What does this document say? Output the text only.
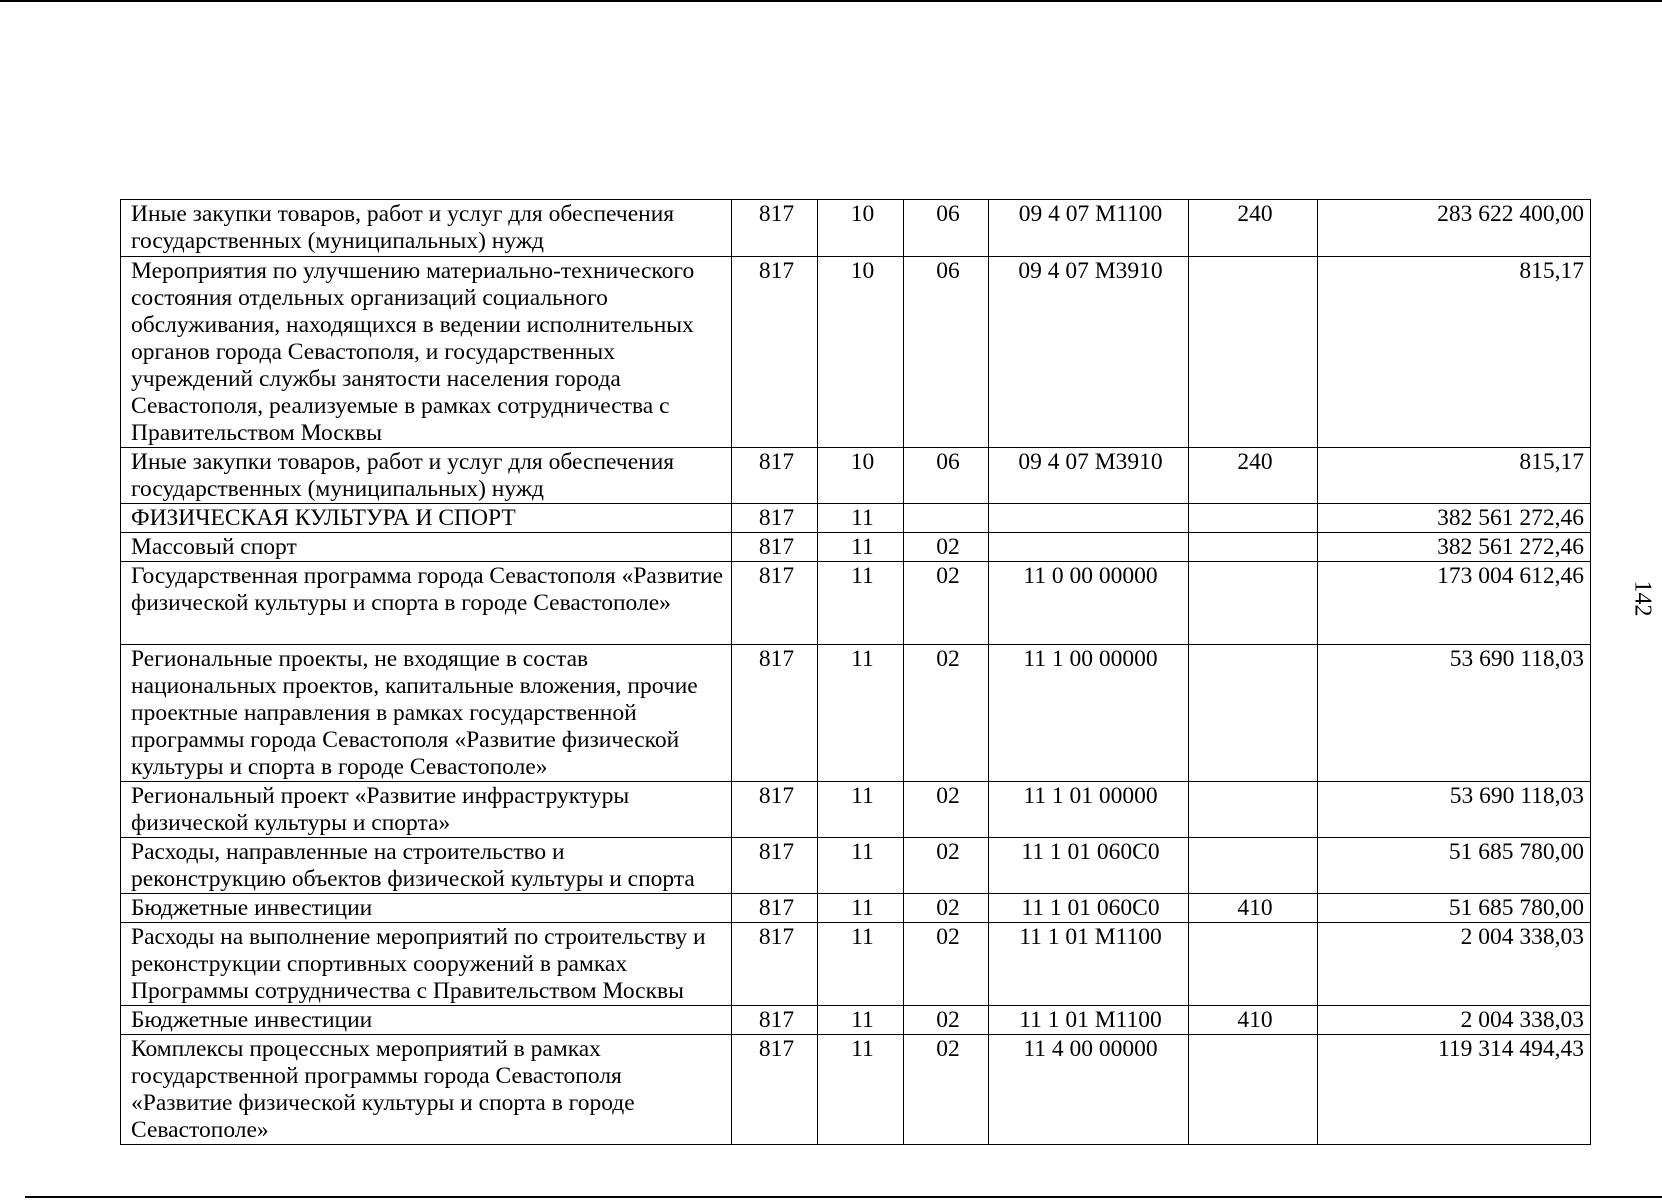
Иные закупки товаров, работ и услуг для обеспечения государственных (муниципальных) нужд	817	10	06	09 4 07 М1100	240	283 622 400,00
Мероприятия по улучшению материально-технического состояния отдельных организаций социального обслуживания, находящихся в ведении исполнительных органов города Севастополя, и государственных учреждений службы занятости населения города Севастополя, реализуемые в рамках сотрудничества с Правительством Москвы	817	10	06	09 4 07 М3910		815,17
Иные закупки товаров, работ и услуг для обеспечения государственных (муниципальных) нужд	817	10	06	09 4 07 М3910	240	815,17
ФИЗИЧЕСКАЯ КУЛЬТУРА И СПОРТ	817	11				382 561 272,46
Массовый спорт	817	11	02			382 561 272,46
Государственная программа города Севастополя «Развитие физической культуры и спорта в городе Севастополе»	817	11	02	11 0 00 00000		173 004 612,46
Региональные проекты, не входящие в состав национальных проектов, капитальные вложения, прочие проектные направления в рамках государственной программы города Севастополя «Развитие физической культуры и спорта в городе Севастополе»	817	11	02	11 1 00 00000		53 690 118,03
Региональный проект «Развитие инфраструктуры физической культуры и спорта»	817	11	02	11 1 01 00000		53 690 118,03
Расходы, направленные на строительство и реконструкцию объектов физической культуры и спорта	817	11	02	11 1 01 060С0		51 685 780,00
Бюджетные инвестиции	817	11	02	11 1 01 060С0	410	51 685 780,00
Расходы на выполнение мероприятий по строительству и реконструкции спортивных сооружений в рамках Программы сотрудничества с Правительством Москвы	817	11	02	11 1 01 М1100		2 004 338,03
Бюджетные инвестиции	817	11	02	11 1 01 М1100	410	2 004 338,03
Комплексы процессных мероприятий в рамках государственной программы города Севастополя «Развитие физической культуры и спорта в городе Севастополе»	817	11	02	11 4 00 00000		119 314 494,43
142
